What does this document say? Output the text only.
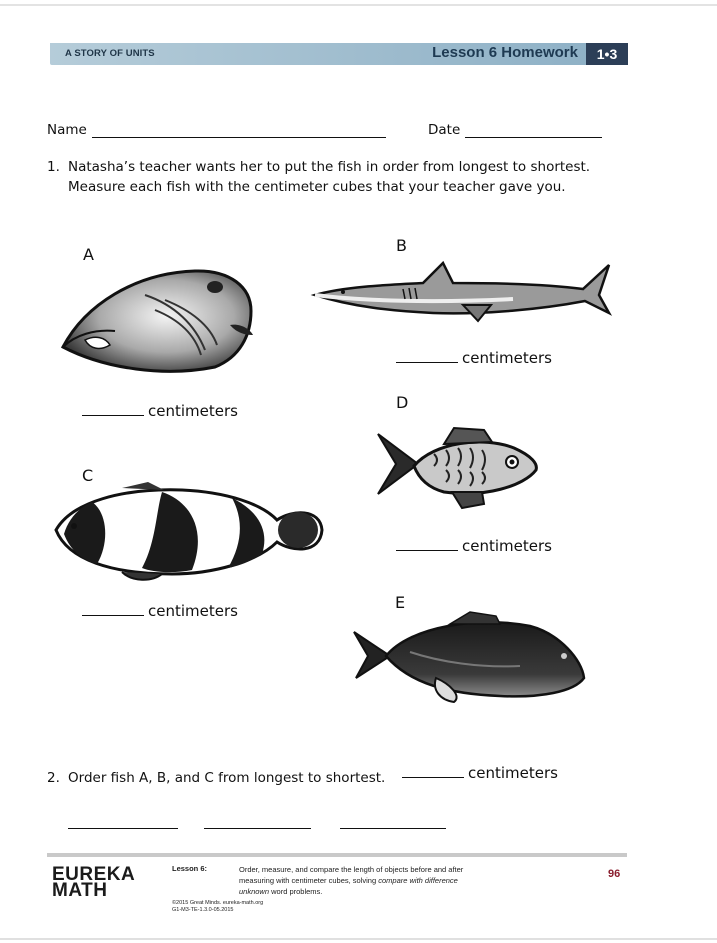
A STORY OF UNITS	Lesson 6 Homework	1•3
Name	Date
1. Natasha’s teacher wants her to put the fish in order from longest to shortest.
Measure each fish with the centimeter cubes that your teacher gave you.
A
centimeters
B
centimeters
D
centimeters
C
centimeters	E
2. Order fish A, B, and C from longest to shortest.	centimeters
EUREKA
MATH
Lesson 6:	Order, measure, and compare the length of objects before and after
measuring with centimeter cubes, solving compare with difference
unknown word problems.
©2015 Great Minds. eureka-math.org
G1-M3-TE-1.3.0-05.2015
96
